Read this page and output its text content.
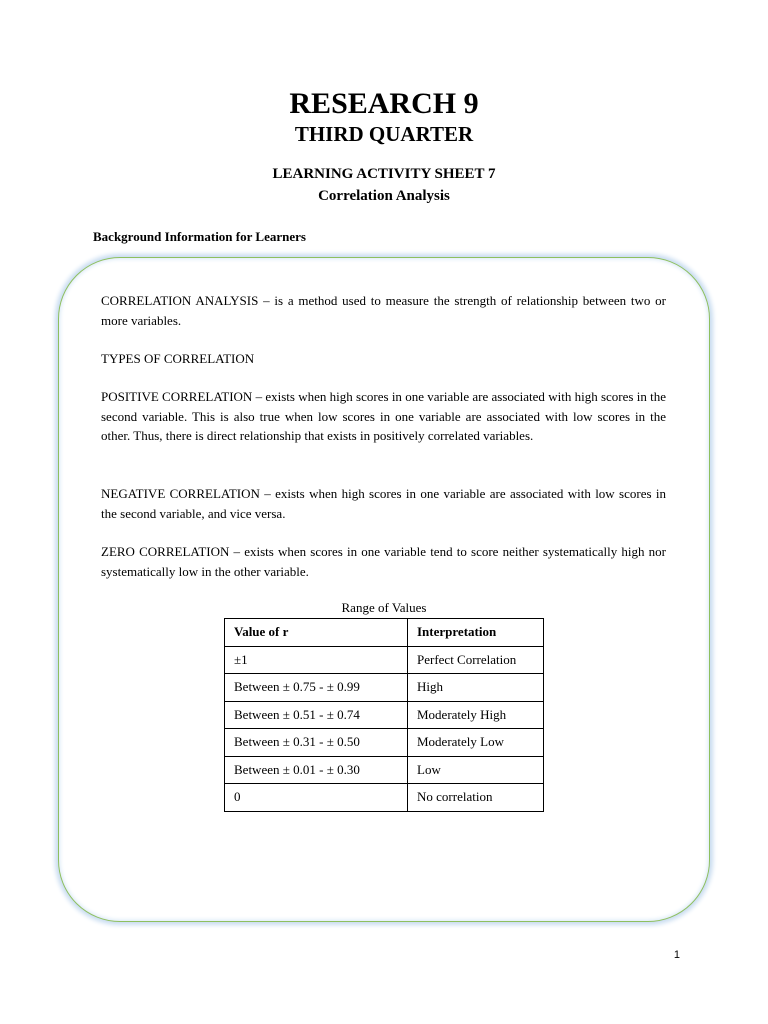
RESEARCH 9
THIRD QUARTER
LEARNING ACTIVITY SHEET 7
Correlation Analysis
Background Information for Learners
CORRELATION ANALYSIS – is a method used to measure the strength of relationship between two or more variables.
TYPES OF CORRELATION
POSITIVE CORRELATION – exists when high scores in one variable are associated with high scores in the second variable. This is also true when low scores in one variable are associated with low scores in the other. Thus, there is direct relationship that exists in positively correlated variables.
NEGATIVE CORRELATION – exists when high scores in one variable are associated with low scores in the second variable, and vice versa.
ZERO CORRELATION – exists when scores in one variable tend to score neither systematically high nor systematically low in the other variable.
Range of Values
Value of r	Interpretation
±1	Perfect Correlation
Between ± 0.75 - ± 0.99	High
Between ± 0.51 - ± 0.74	Moderately High
Between ± 0.31 - ± 0.50	Moderately Low
Between ± 0.01 - ± 0.30	Low
0	No correlation
1
